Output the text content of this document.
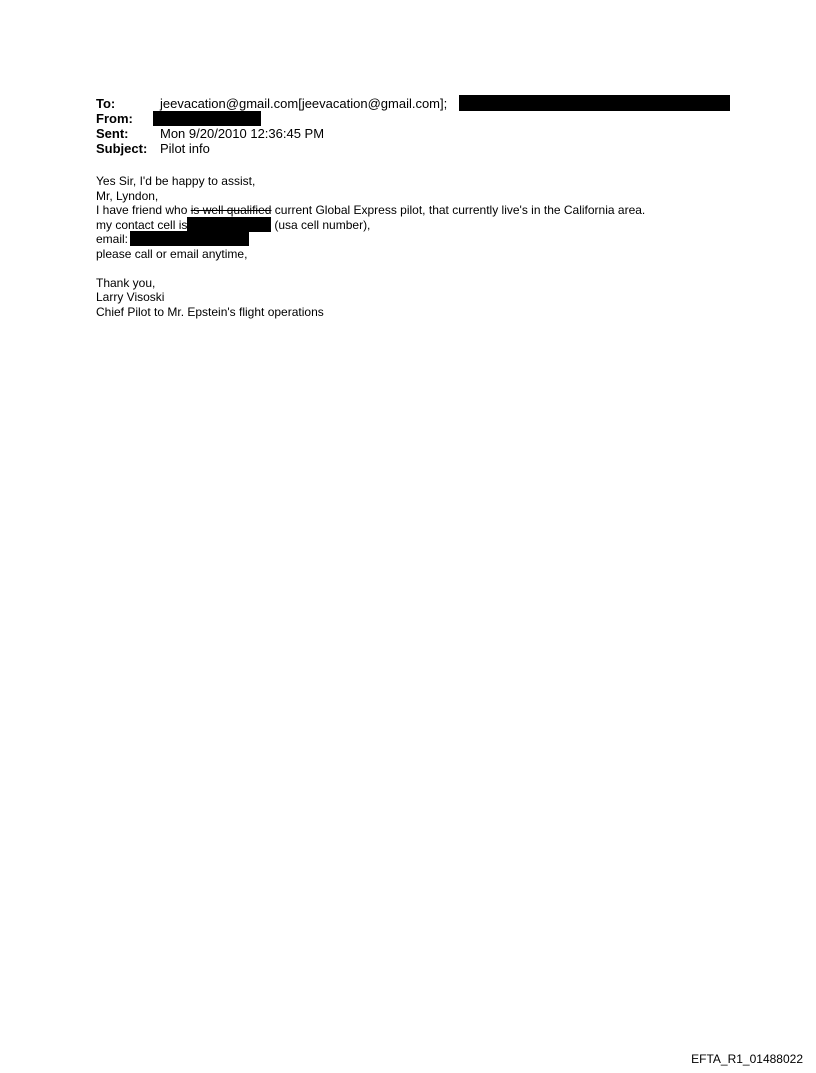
To:	jeevacation@gmail.com[jeevacation@gmail.com];
From:
Sent: Mon 9/20/2010 12:36:45 PM
Subject: Pilot info
Yes Sir, I'd be happy to assist,
Mr, Lyndon,
I have friend who is well qualified current Global Express pilot, that currently live's in the California area.
my contact cell is	(usa cell number),
email:
please call or email anytime,
Thank you,
Larry Visoski
Chief Pilot to Mr. Epstein's flight operations
EFTA_R1_01488022
